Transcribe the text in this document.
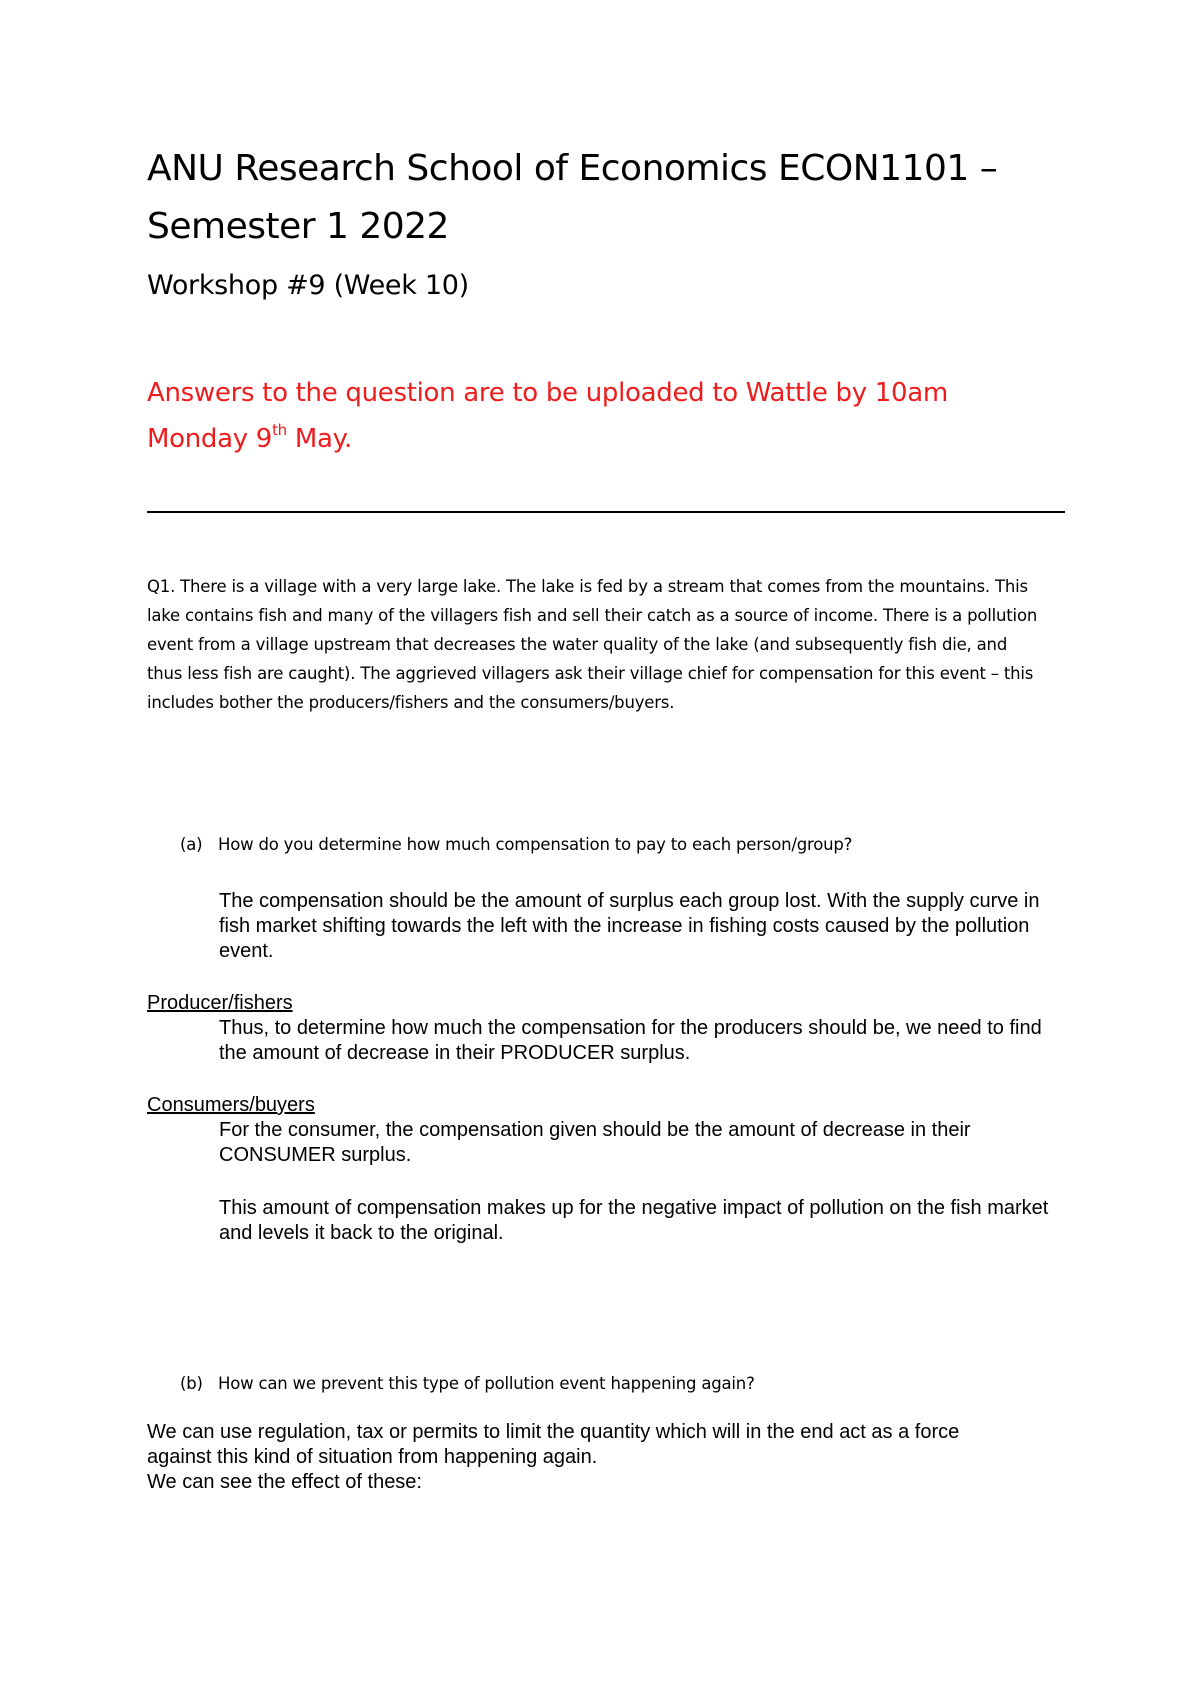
ANU Research School of Economics ECON1101 – Semester 1 2022
Workshop #9 (Week 10)
Answers to the question are to be uploaded to Wattle by 10am Monday 9th May.
Q1. There is a village with a very large lake. The lake is fed by a stream that comes from the mountains. This lake contains fish and many of the villagers fish and sell their catch as a source of income. There is a pollution event from a village upstream that decreases the water quality of the lake (and subsequently fish die, and thus less fish are caught). The aggrieved villagers ask their village chief for compensation for this event – this includes bother the producers/fishers and the consumers/buyers.
(a) How do you determine how much compensation to pay to each person/group?

The compensation should be the amount of surplus each group lost. With the supply curve in fish market shifting towards the left with the increase in fishing costs caused by the pollution event.

Producer/fishers

Thus, to determine how much the compensation for the producers should be, we need to find the amount of decrease in their PRODUCER surplus.

Consumers/buyers

For the consumer, the compensation given should be the amount of decrease in their CONSUMER surplus.

This amount of compensation makes up for the negative impact of pollution on the fish market and levels it back to the original.

(b) How can we prevent this type of pollution event happening again?

We can use regulation, tax or permits to limit the quantity which will in the end act as a force against this kind of situation from happening again.

We can see the effect of these:
